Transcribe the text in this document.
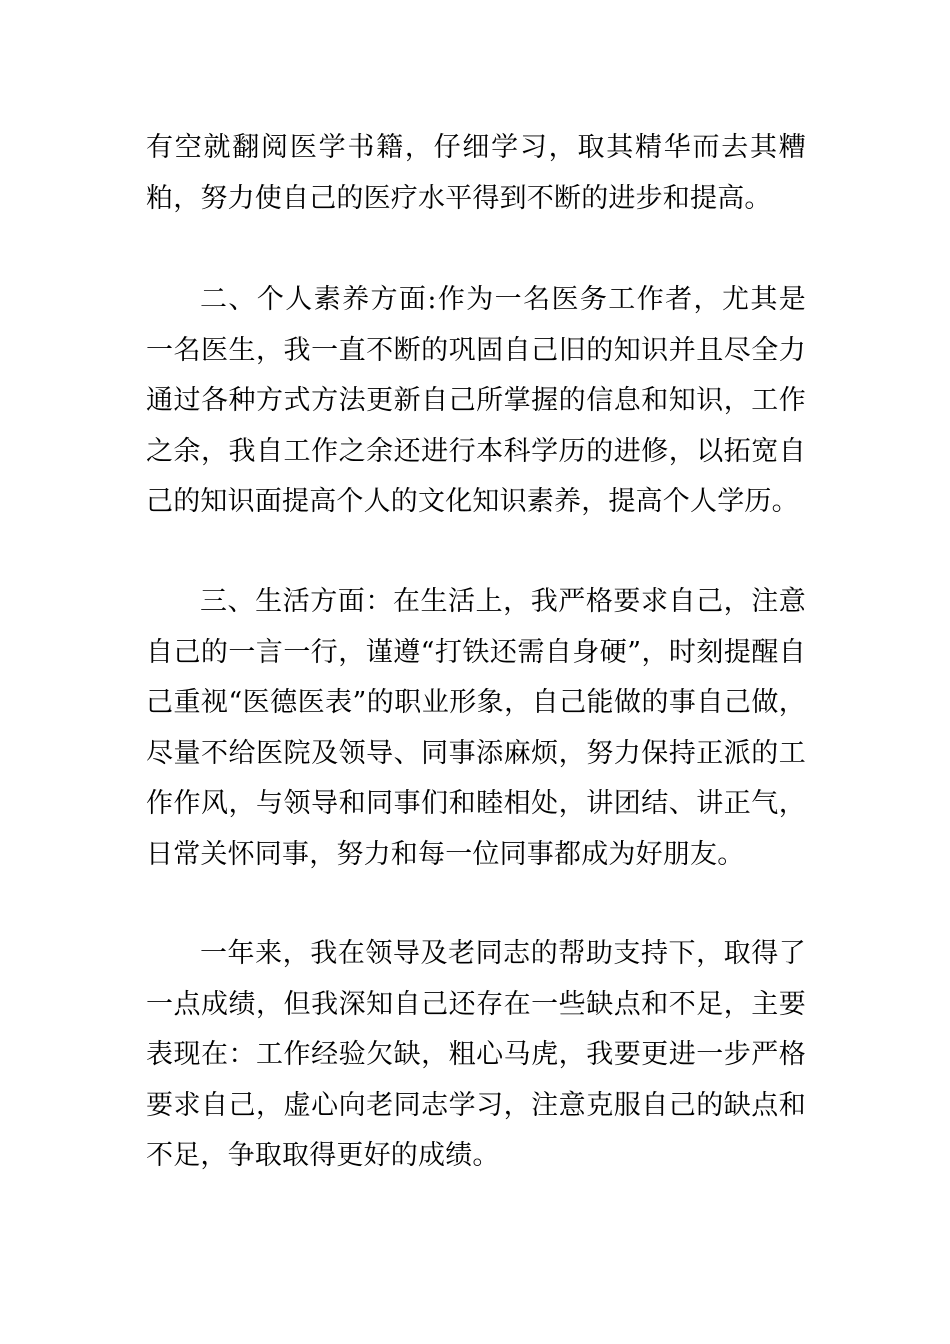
有空就翻阅医学书籍，仔细学习，取其精华而去其糟粕，努力使自己的医疗水平得到不断的进步和提高。

二、个人素养方面:作为一名医务工作者，尤其是一名医生，我一直不断的巩固自己旧的知识并且尽全力通过各种方式方法更新自己所掌握的信息和知识，工作之余，我自工作之余还进行本科学历的进修，以拓宽自己的知识面提高个人的文化知识素养，提高个人学历。

三、生活方面：在生活上，我严格要求自己，注意自己的一言一行，谨遵“打铁还需自身硬”，时刻提醒自己重视“医德医表”的职业形象，自己能做的事自己做，尽量不给医院及领导、同事添麻烦，努力保持正派的工作作风，与领导和同事们和睦相处，讲团结、讲正气，日常关怀同事，努力和每一位同事都成为好朋友。

一年来，我在领导及老同志的帮助支持下，取得了一点成绩，但我深知自己还存在一些缺点和不足，主要表现在：工作经验欠缺，粗心马虎，我要更进一步严格要求自己，虚心向老同志学习，注意克服自己的缺点和不足，争取取得更好的成绩。
